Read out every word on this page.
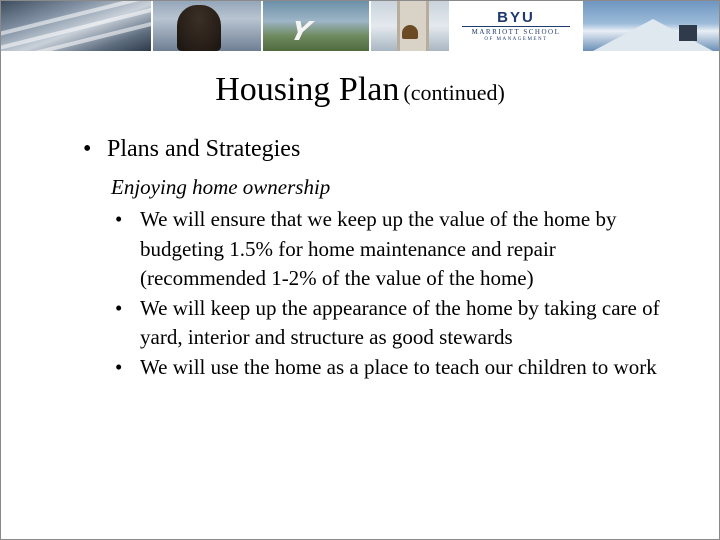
Y	BYU
MARRIOTT SCHOOL
OF MANAGEMENT
Housing Plan (continued)
• Plans and Strategies
Enjoying home ownership
• We will ensure that we keep up the value of the home by budgeting 1.5% for home maintenance and repair (recommended 1-2% of the value of the home)
• We will keep up the appearance of the home by taking care of yard, interior and structure as good stewards
• We will use the home as a place to teach our children to work
